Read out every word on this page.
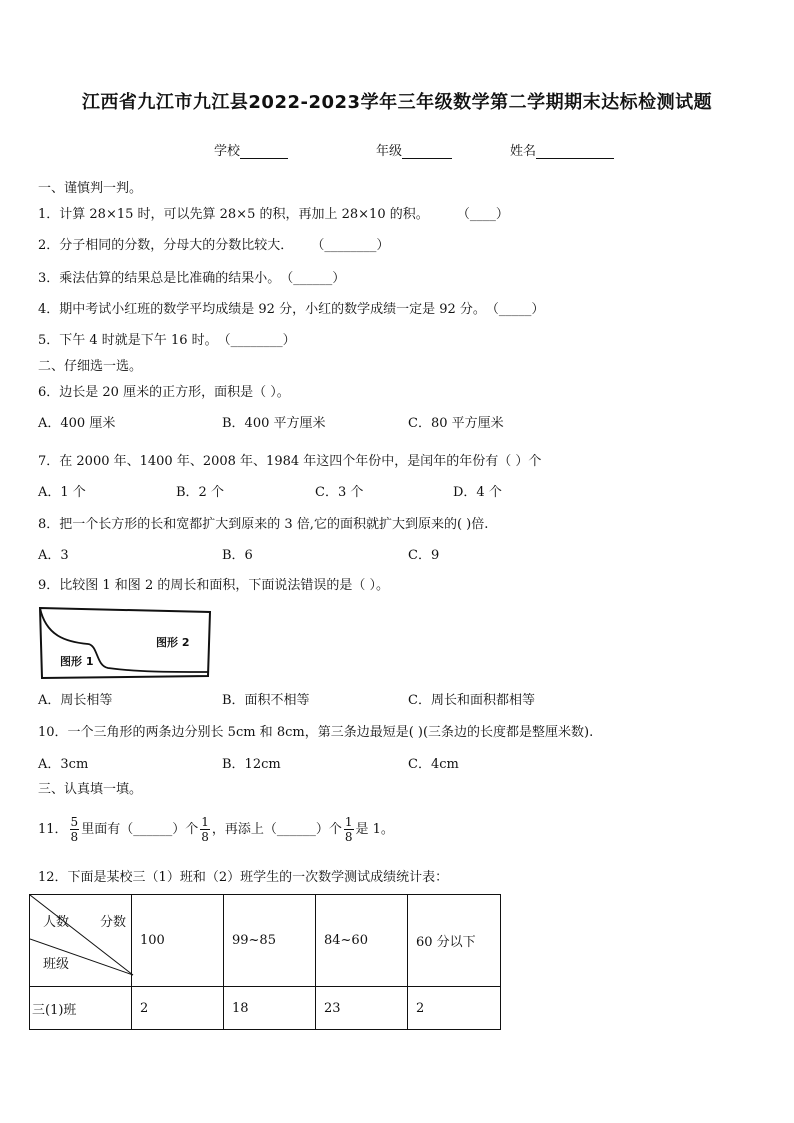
江西省九江市九江县2022-2023学年三年级数学第二学期期末达标检测试题
学校	年级	姓名
一、谨慎判一判。
1．计算 28×15 时，可以先算 28×5 的积，再加上 28×10 的积。 （____）
2．分子相同的分数，分母大的分数比较大． （________）
3．乘法估算的结果总是比准确的结果小。（______）
4．期中考试小红班的数学平均成绩是 92 分，小红的数学成绩一定是 92 分。（_____）
5．下午 4 时就是下午 16 时。（________）
二、仔细选一选。
6．边长是 20 厘米的正方形，面积是（ ）。
A．400 厘米	B．400 平方厘米	C．80 平方厘米
7．在 2000 年、1400 年、2008 年、1984 年这四个年份中，是闰年的年份有（ ）个
A．1 个	B．2 个	C．3 个	D．4 个
8．把一个长方形的长和宽都扩大到原来的 3 倍,它的面积就扩大到原来的( )倍.
A．3	B．6	C．9
9．比较图 1 和图 2 的周长和面积，下面说法错误的是（ ）。
图形 1
图形 2
A．周长相等	B．面积不相等	C．周长和面积都相等
10．一个三角形的两条边分别长 5cm 和 8cm，第三条边最短是( )(三条边的长度都是整厘米数).
A．3cm	B．12cm	C．4cm
三、认真填一填。
11． $\frac{5}{8}$ 里面有（______）个 $\frac{1}{8}$ ，再添上（______）个 $\frac{1}{8}$ 是 1。
12．下面是某校三（1）班和（2）班学生的一次数学测试成绩统计表：
人数 分数
班级	100	99~85	84~60	60 分以下
三(1)班	2	18	23	2
